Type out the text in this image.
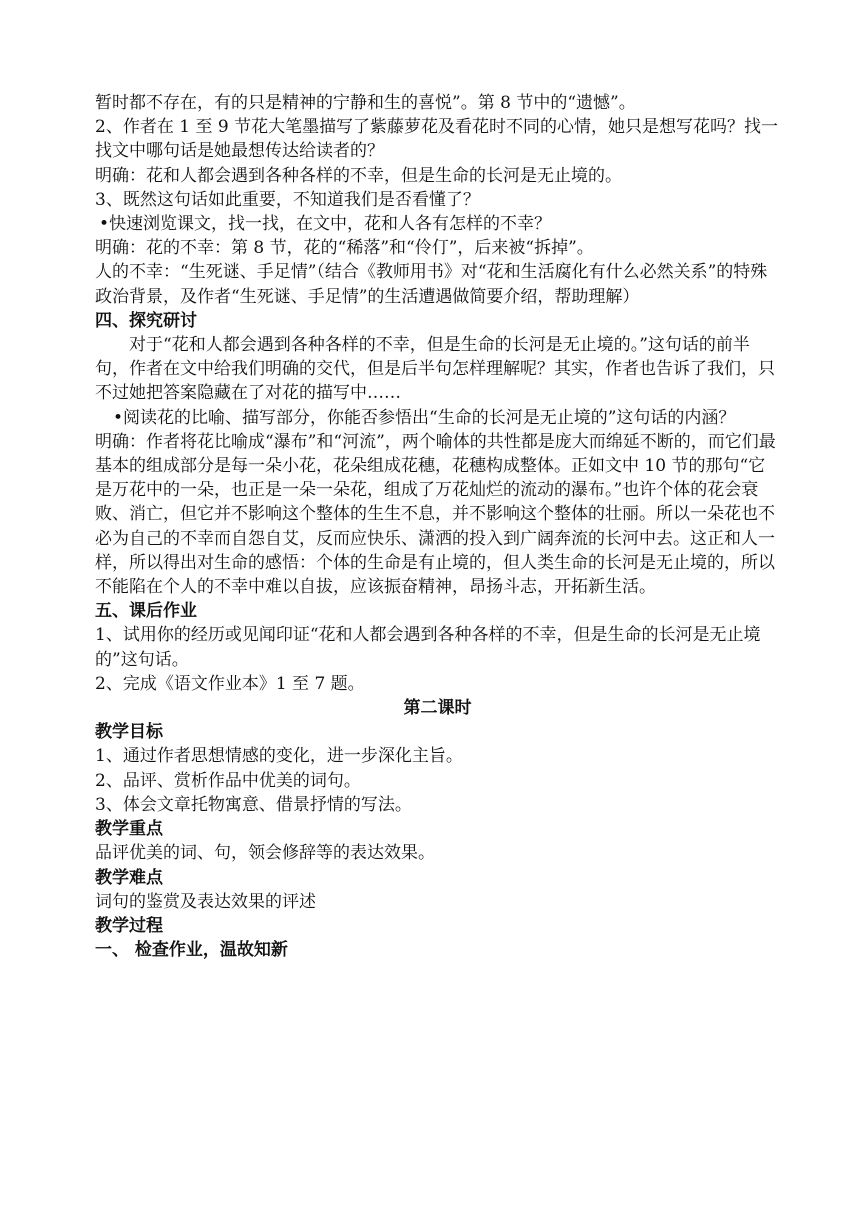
暂时都不存在，有的只是精神的宁静和生的喜悦”。第 8 节中的“遗憾”。

2、作者在 1 至 9 节花大笔墨描写了紫藤萝花及看花时不同的心情，她只是想写花吗？找一找文中哪句话是她最想传达给读者的？

明确：花和人都会遇到各种各样的不幸，但是生命的长河是无止境的。

3、既然这句话如此重要，不知道我们是否看懂了？

•快速浏览课文，找一找，在文中，花和人各有怎样的不幸？

明确：花的不幸：第 8 节，花的“稀落”和“伶仃”，后来被“拆掉”。

人的不幸：“生死谜、手足情”（结合《教师用书》对“花和生活腐化有什么必然关系”的特殊政治背景，及作者“生死谜、手足情”的生活遭遇做简要介绍，帮助理解）

四、探究研讨

对于“花和人都会遇到各种各样的不幸，但是生命的长河是无止境的。”这句话的前半句，作者在文中给我们明确的交代，但是后半句怎样理解呢？其实，作者也告诉了我们，只不过她把答案隐藏在了对花的描写中……

•阅读花的比喻、描写部分，你能否参悟出“生命的长河是无止境的”这句话的内涵？

明确：作者将花比喻成“瀑布”和“河流”，两个喻体的共性都是庞大而绵延不断的，而它们最基本的组成部分是每一朵小花，花朵组成花穗，花穗构成整体。正如文中 10 节的那句“它是万花中的一朵，也正是一朵一朵花，组成了万花灿烂的流动的瀑布。”也许个体的花会衰败、消亡，但它并不影响这个整体的生生不息，并不影响这个整体的壮丽。所以一朵花也不必为自己的不幸而自怨自艾，反而应快乐、潇洒的投入到广阔奔流的长河中去。这正和人一样，所以得出对生命的感悟：个体的生命是有止境的，但人类生命的长河是无止境的，所以不能陷在个人的不幸中难以自拔，应该振奋精神，昂扬斗志，开拓新生活。

五、课后作业

1、试用你的经历或见闻印证“花和人都会遇到各种各样的不幸，但是生命的长河是无止境的”这句话。

2、完成《语文作业本》1 至 7 题。

第二课时

教学目标

1、通过作者思想情感的变化，进一步深化主旨。

2、品评、赏析作品中优美的词句。

3、体会文章托物寓意、借景抒情的写法。

教学重点

品评优美的词、句，领会修辞等的表达效果。

教学难点

词句的鉴赏及表达效果的评述

教学过程

一、 检查作业，温故知新
